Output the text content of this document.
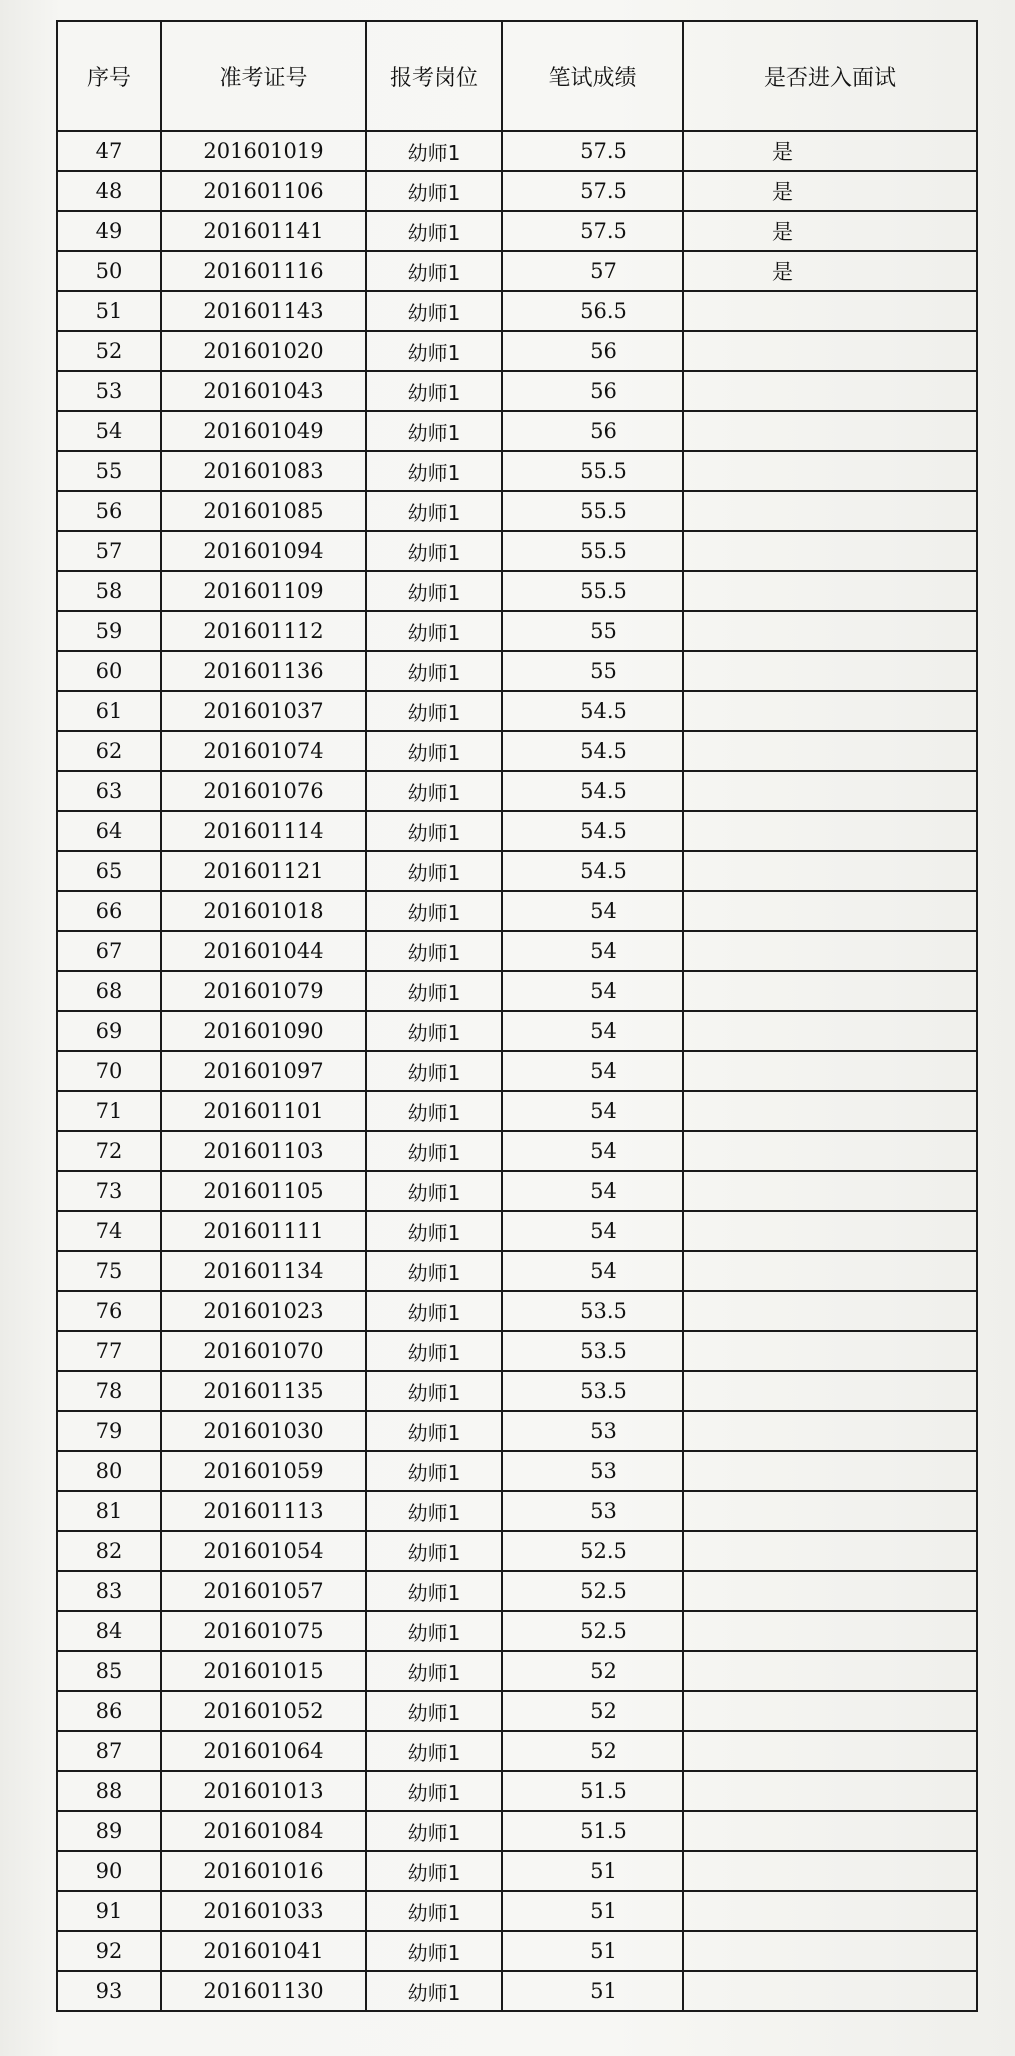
序号	准考证号	报考岗位	笔试成绩	是否进入面试
47	201601019	幼师1	57.5	是
48	201601106	幼师1	57.5	是
49	201601141	幼师1	57.5	是
50	201601116	幼师1	57	是
51	201601143	幼师1	56.5	
52	201601020	幼师1	56	
53	201601043	幼师1	56	
54	201601049	幼师1	56	
55	201601083	幼师1	55.5	
56	201601085	幼师1	55.5	
57	201601094	幼师1	55.5	
58	201601109	幼师1	55.5	
59	201601112	幼师1	55	
60	201601136	幼师1	55	
61	201601037	幼师1	54.5	
62	201601074	幼师1	54.5	
63	201601076	幼师1	54.5	
64	201601114	幼师1	54.5	
65	201601121	幼师1	54.5	
66	201601018	幼师1	54	
67	201601044	幼师1	54	
68	201601079	幼师1	54	
69	201601090	幼师1	54	
70	201601097	幼师1	54	
71	201601101	幼师1	54	
72	201601103	幼师1	54	
73	201601105	幼师1	54	
74	201601111	幼师1	54	
75	201601134	幼师1	54	
76	201601023	幼师1	53.5	
77	201601070	幼师1	53.5	
78	201601135	幼师1	53.5	
79	201601030	幼师1	53	
80	201601059	幼师1	53	
81	201601113	幼师1	53	
82	201601054	幼师1	52.5	
83	201601057	幼师1	52.5	
84	201601075	幼师1	52.5	
85	201601015	幼师1	52	
86	201601052	幼师1	52	
87	201601064	幼师1	52	
88	201601013	幼师1	51.5	
89	201601084	幼师1	51.5	
90	201601016	幼师1	51	
91	201601033	幼师1	51	
92	201601041	幼师1	51	
93	201601130	幼师1	51	
